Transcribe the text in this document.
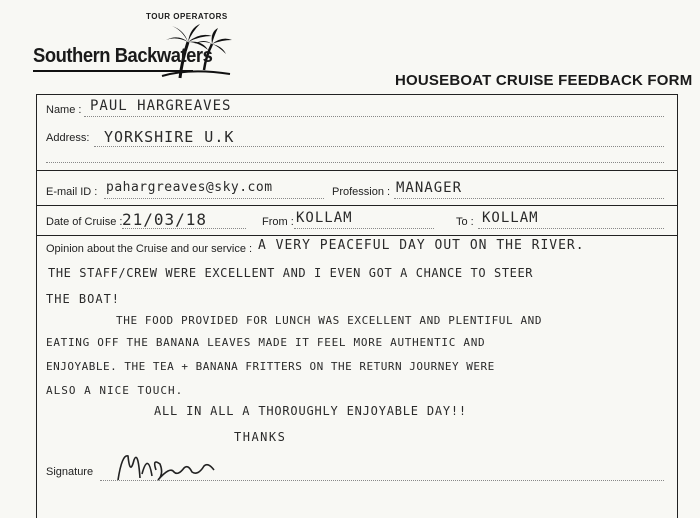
TOUR OPERATORS
Southern Backwaters
HOUSEBOAT CRUISE FEEDBACK FORM
Name : PAUL HARGREAVES
Address: YORKSHIRE U.K
E-mail ID : pahargreaves@sky.com	Profession : MANAGER
Date of Cruise : 21/03/18	From : KOLLAM	To : KOLLAM
Opinion about the Cruise and our service : A VERY PEACEFUL DAY OUT ON THE RIVER.
THE STAFF/CREW WERE EXCELLENT AND I EVEN GOT A CHANCE TO STEER
THE BOAT!
THE FOOD PROVIDED FOR LUNCH WAS EXCELLENT AND PLENTIFUL AND
EATING OFF THE BANANA LEAVES MADE IT FEEL MORE AUTHENTIC AND
ENJOYABLE. THE TEA + BANANA FRITTERS ON THE RETURN JOURNEY WERE
ALSO A NICE TOUCH.
ALL IN ALL A THOROUGHLY ENJOYABLE DAY!!
THANKS
Signature
